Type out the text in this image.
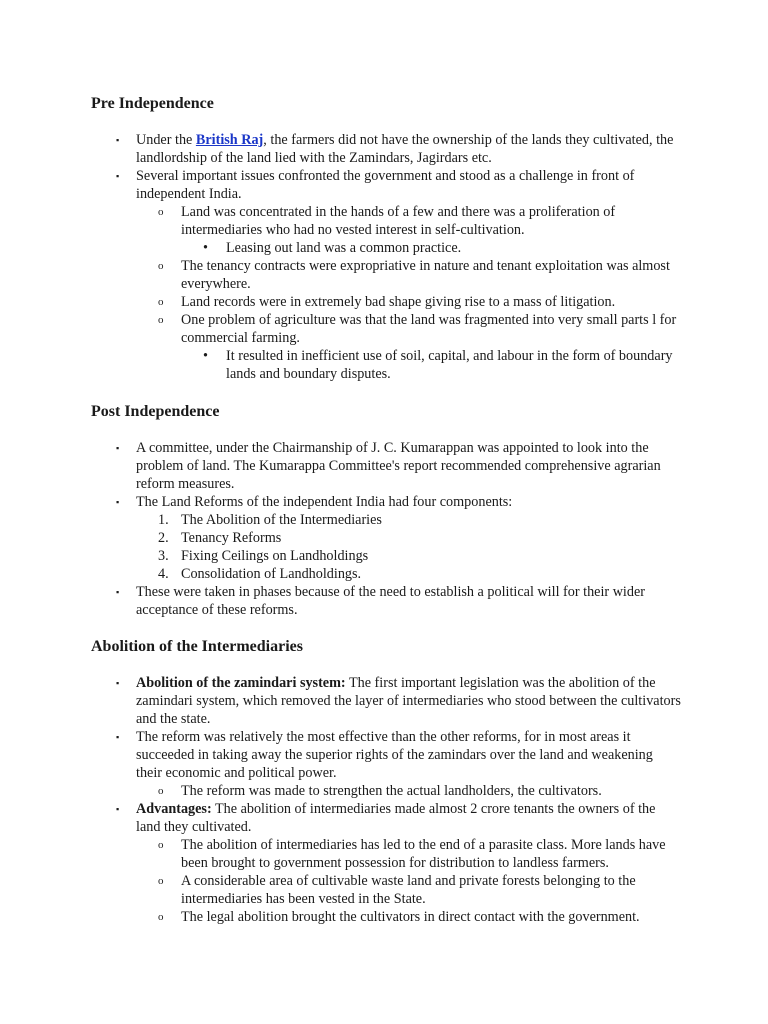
Pre Independence
▪ Under the British Raj, the farmers did not have the ownership of the lands they cultivated, the landlordship of the land lied with the Zamindars, Jagirdars etc.
▪ Several important issues confronted the government and stood as a challenge in front of independent India.
o Land was concentrated in the hands of a few and there was a proliferation of intermediaries who had no vested interest in self-cultivation.
• Leasing out land was a common practice.
o The tenancy contracts were expropriative in nature and tenant exploitation was almost everywhere.
o Land records were in extremely bad shape giving rise to a mass of litigation.
o One problem of agriculture was that the land was fragmented into very small parts l for commercial farming.
• It resulted in inefficient use of soil, capital, and labour in the form of boundary lands and boundary disputes.
Post Independence
▪ A committee, under the Chairmanship of J. C. Kumarappan was appointed to look into the problem of land. The Kumarappa Committee's report recommended comprehensive agrarian reform measures.
▪ The Land Reforms of the independent India had four components:
1. The Abolition of the Intermediaries
2. Tenancy Reforms
3. Fixing Ceilings on Landholdings
4. Consolidation of Landholdings.
▪ These were taken in phases because of the need to establish a political will for their wider acceptance of these reforms.
Abolition of the Intermediaries
▪ Abolition of the zamindari system: The first important legislation was the abolition of the zamindari system, which removed the layer of intermediaries who stood between the cultivators and the state.
▪ The reform was relatively the most effective than the other reforms, for in most areas it succeeded in taking away the superior rights of the zamindars over the land and weakening their economic and political power.
o The reform was made to strengthen the actual landholders, the cultivators.
▪ Advantages: The abolition of intermediaries made almost 2 crore tenants the owners of the land they cultivated.
o The abolition of intermediaries has led to the end of a parasite class. More lands have been brought to government possession for distribution to landless farmers.
o A considerable area of cultivable waste land and private forests belonging to the intermediaries has been vested in the State.
o The legal abolition brought the cultivators in direct contact with the government.
